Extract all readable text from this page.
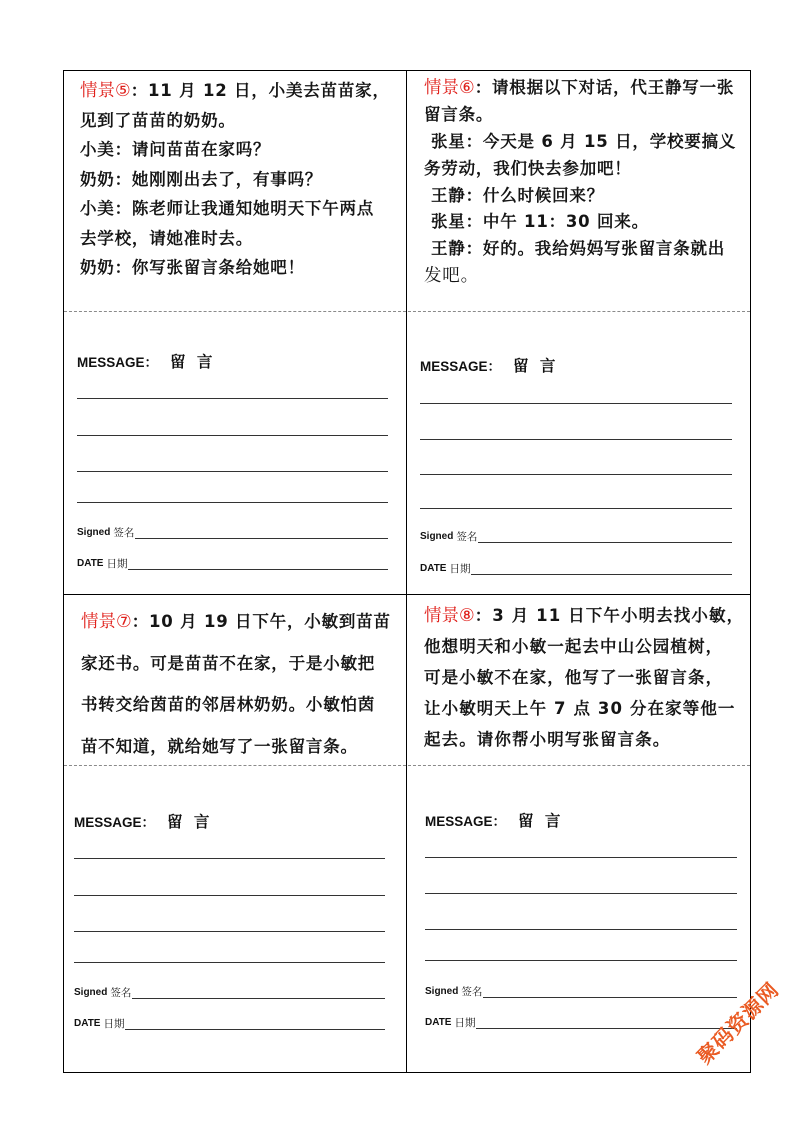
情景⑤：11 月 12 日，小美去苗苗家，
见到了苗苗的奶奶。
小美：请问苗苗在家吗？
奶奶：她刚刚出去了，有事吗？
小美：陈老师让我通知她明天下午两点
去学校，请她准时去。
奶奶：你写张留言条给她吧！
情景⑥：请根据以下对话，代王静写一张
留言条。
张星：今天是 6 月 15 日，学校要搞义
务劳动，我们快去参加吧！
王静：什么时候回来？
张星：中午 11：30 回来。
王静：好的。我给妈妈写张留言条就出
发吧。
情景⑦：10 月 19 日下午，小敏到苗苗
家还书。可是苗苗不在家，于是小敏把
书转交给茵苗的邻居林奶奶。小敏怕茵
苗不知道，就给她写了一张留言条。
情景⑧：3 月 11 日下午小明去找小敏，
他想明天和小敏一起去中山公园植树，
可是小敏不在家，他写了一张留言条，
让小敏明天上午 7 点 30 分在家等他一
起去。请你帮小明写张留言条。
MESSAGE： 留 言
Signed 签名
DATE 日期
MESSAGE： 留 言
Signed 签名
DATE 日期
MESSAGE： 留 言
Signed 签名
DATE 日期
MESSAGE： 留 言
Signed 签名
DATE 日期	聚码资源网
